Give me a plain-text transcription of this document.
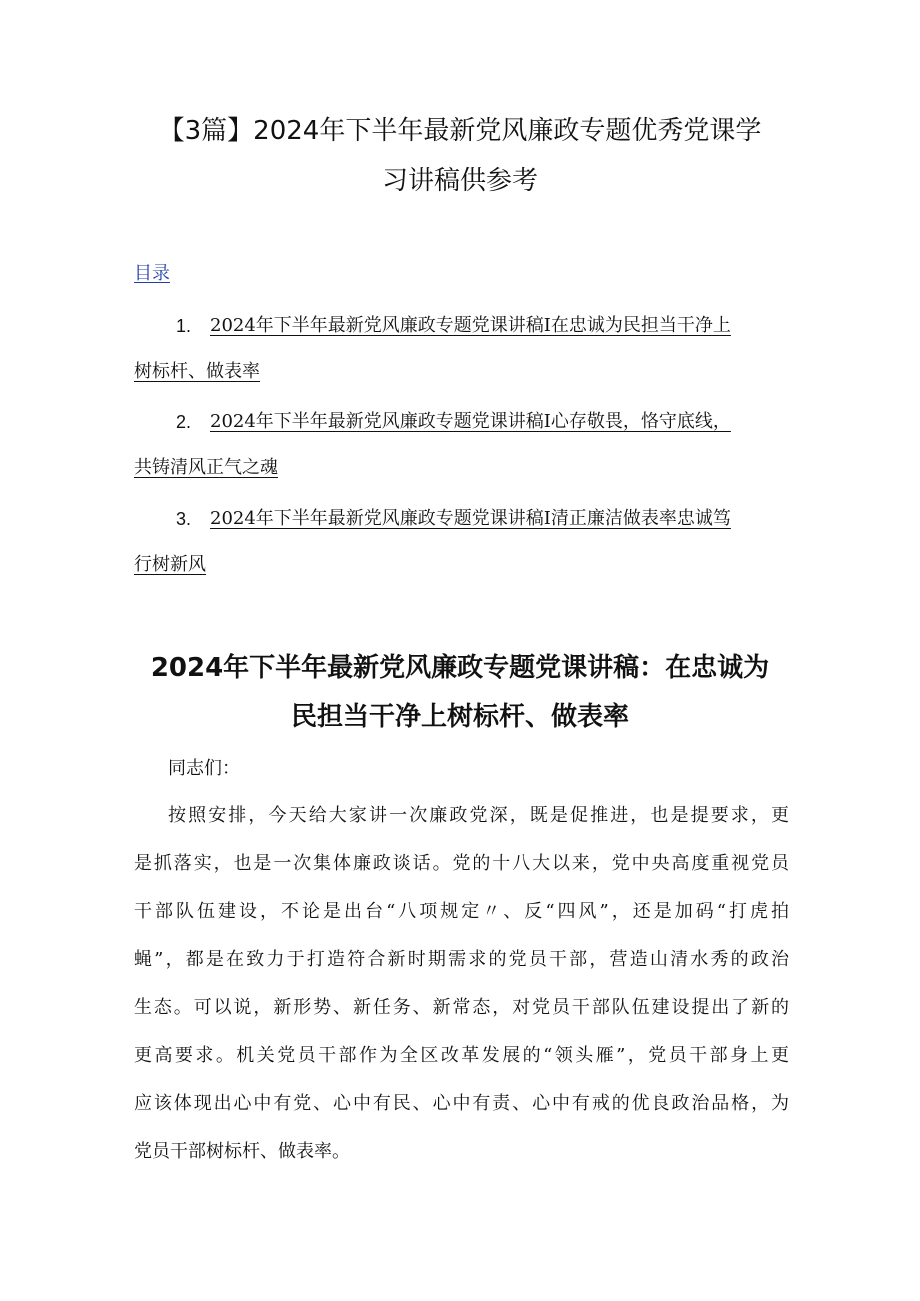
【3篇】2024年下半年最新党风廉政专题优秀党课学
习讲稿供参考
目录
1. 2024年下半年最新党风廉政专题党课讲稿I在忠诚为民担当干净上
树标杆、做表率
2. 2024年下半年最新党风廉政专题党课讲稿I心存敬畏，恪守底线，
共铸清风正气之魂
3. 2024年下半年最新党风廉政专题党课讲稿I清正廉洁做表率忠诚笃
行树新风
2024年下半年最新党风廉政专题党课讲稿：在忠诚为
民担当干净上树标杆、做表率
同志们：
按照安排，今天给大家讲一次廉政党深，既是促推进，也是提要求，更
是抓落实，也是一次集体廉政谈话。党的十八大以来，党中央高度重视党员
干部队伍建设，不论是出台“八项规定〃、反“四风”，还是加码“打虎拍
蝇”，都是在致力于打造符合新时期需求的党员干部，营造山清水秀的政治
生态。可以说，新形势、新任务、新常态，对党员干部队伍建设提出了新的
更高要求。机关党员干部作为全区改革发展的“领头雁”，党员干部身上更
应该体现出心中有党、心中有民、心中有责、心中有戒的优良政治品格，为
党员干部树标杆、做表率。
